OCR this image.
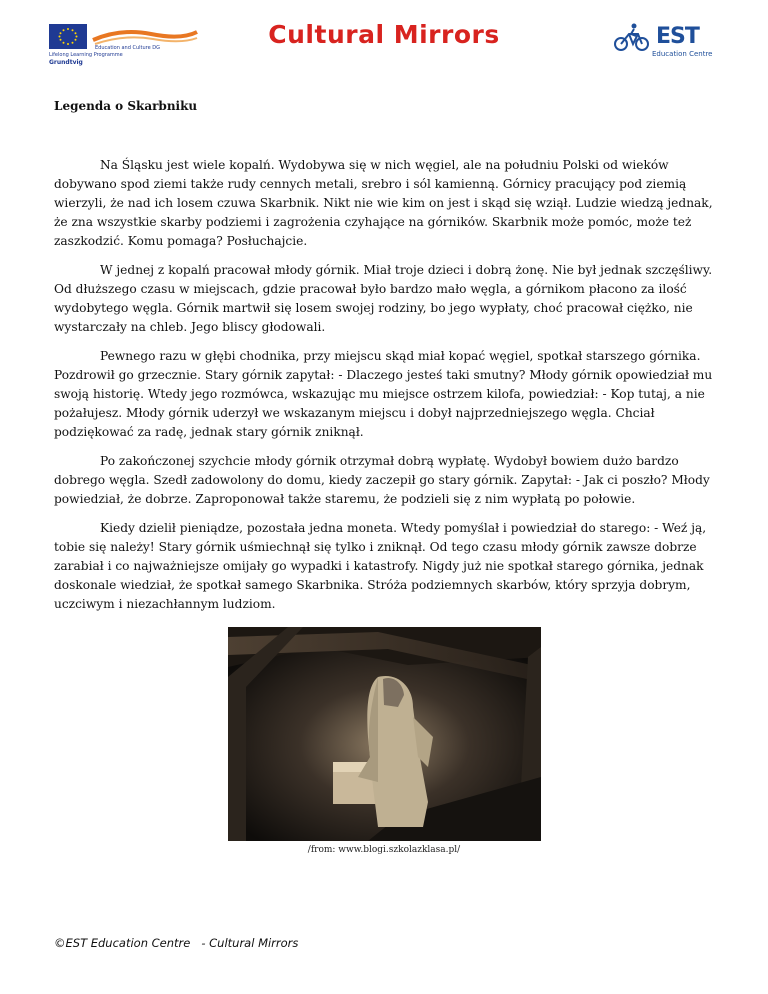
Education and Culture DG
Lifelong Learning Programme
Grundtvig
Cultural Mirrors	EST
Education Centre
Legenda o Skarbniku

Na Śląsku jest wiele kopalń. Wydobywa się w nich węgiel, ale na południu Polski od wieków dobywano spod ziemi także rudy cennych metali, srebro i sól kamienną. Górnicy pracujący pod ziemią wierzyli, że nad ich losem czuwa Skarbnik. Nikt nie wie kim on jest i skąd się wziął. Ludzie wiedzą jednak, że zna wszystkie skarby podziemi i zagrożenia czyhające na górników. Skarbnik może pomóc, może też zaszkodzić. Komu pomaga? Posłuchajcie.

W jednej z kopalń pracował młody górnik. Miał troje dzieci i dobrą żonę. Nie był jednak szczęśliwy. Od dłuższego czasu w miejscach, gdzie pracował było bardzo mało węgla, a górnikom płacono za ilość wydobytego węgla. Górnik martwił się losem swojej rodziny, bo jego wypłaty, choć pracował ciężko, nie wystarczały na chleb. Jego bliscy głodowali.

Pewnego razu w głębi chodnika, przy miejscu skąd miał kopać węgiel, spotkał starszego górnika. Pozdrowił go grzecznie. Stary górnik zapytał: - Dlaczego jesteś taki smutny? Młody górnik opowiedział mu swoją historię. Wtedy jego rozmówca, wskazując mu miejsce ostrzem kilofa, powiedział: - Kop tutaj, a nie pożałujesz. Młody górnik uderzył we wskazanym miejscu i dobył najprzedniejszego węgla. Chciał podziękować za radę, jednak stary górnik zniknął.

Po zakończonej szychcie młody górnik otrzymał dobrą wypłatę. Wydobył bowiem dużo bardzo dobrego węgla. Szedł zadowolony do domu, kiedy zaczepił go stary górnik. Zapytał: - Jak ci poszło? Młody powiedział, że dobrze. Zaproponował także staremu, że podzieli się z nim wypłatą po połowie.

Kiedy dzielił pieniądze, pozostała jedna moneta. Wtedy pomyślał i powiedział do starego: - Weź ją, tobie się należy! Stary górnik uśmiechnął się tylko i zniknął. Od tego czasu młody górnik zawsze dobrze zarabiał i co najważniejsze omijały go wypadki i katastrofy. Nigdy już nie spotkał starego górnika, jednak doskonale wiedział, że spotkał samego Skarbnika. Stróża podziemnych skarbów, który sprzyja dobrym, uczciwym i niezachłannym ludziom.

/from: www.blogi.szkolazklasa.pl/
©EST Education Centre   - Cultural Mirrors
